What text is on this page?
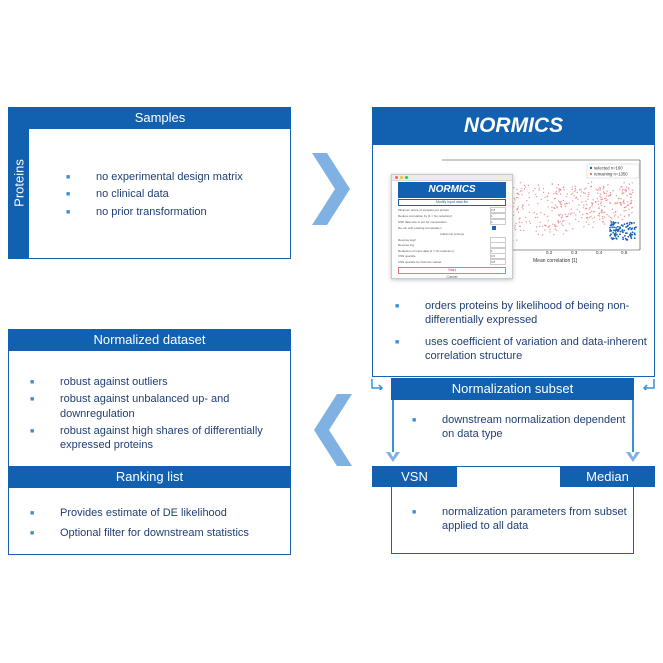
Proteins
Samples
■	no experimental design matrix
■	no clinical data
■	no prior transformation
NORMICS
selected n=100
remaining n=1350
0.2	0.3	0.4	0.5
Mean correlation [1]
NORMICS
Modify input data file
Minimum share of samples per protein	0.8
Reduce correlation by [1 = No reduction]	1
Shift data size to put for computation	1
Re-run with existing computation
Additional settings
Reverse log2
Reverse log
Reduction of input data [1 = No reduction]	1
VSN quantile	0.5
VSN quantile for Normics subset	0.8
Start
Cancel
■	orders proteins by likelihood of being non-differentially expressed
■	uses coefficient of variation and data-inherent correlation structure
Normalization subset
■	downstream normalization dependent on data type
VSN	Median
■	normalization parameters from subset applied to all data
Normalized dataset
■	robust against outliers
■	robust against unbalanced up- and downregulation
■	robust against high shares of differentially expressed proteins
Ranking list
■	Provides estimate of DE likelihood
■	Optional filter for downstream statistics
